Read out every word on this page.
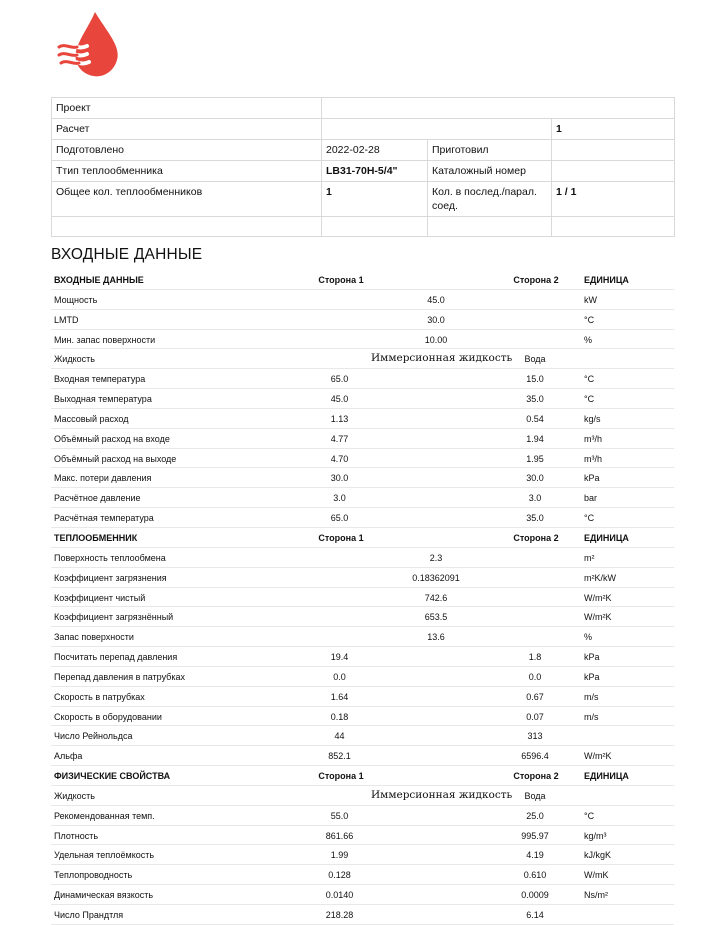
Проект			
Расчет			1
Подготовлено	2022-02-28	Приготовил	
Ттип теплообменника	LB31-70H-5/4"	Каталожный номер	
Общее кол. теплообменников	1	Кол. в послед./парал. соед.	1 / 1

ВХОДНЫЕ ДАННЫЕ
ВХОДНЫЕ ДАННЫЕ	Сторона 1	Сторона 2	ЕДИНИЦА
Мощность	45.0	kW
LMTD	30.0	°C
Мин. запас поверхности	10.00	%
Жидкость	Иммерсионная жидкость	Вода
Входная температура	65.0	15.0	°C
Выходная температура	45.0	35.0	°C
Массовый расход	1.13	0.54	kg/s
Объёмный расход на входе	4.77	1.94	m³/h
Объёмный расход на выходе	4.70	1.95	m³/h
Макс. потери давления	30.0	30.0	kPa
Расчётное давление	3.0	3.0	bar
Расчётная температура	65.0	35.0	°C
ТЕПЛООБМЕННИК	Сторона 1	Сторона 2	ЕДИНИЦА
Поверхность теплообмена	2.3	m²
Коэффициент загрязнения	0.18362091	m²K/kW
Коэффициент чистый	742.6	W/m²K
Коэффициент загрязнённый	653.5	W/m²K
Запас поверхности	13.6	%
Посчитать перепад давления	19.4	1.8	kPa
Перепад давления в патрубках	0.0	0.0	kPa
Скорость в патрубках	1.64	0.67	m/s
Скорость в оборудовании	0.18	0.07	m/s
Число Рейнольдса	44	313
Альфа	852.1	6596.4	W/m²K
ФИЗИЧЕСКИЕ СВОЙСТВА	Сторона 1	Сторона 2	ЕДИНИЦА
Жидкость	Иммерсионная жидкость	Вода
Рекомендованная темп.	55.0	25.0	°C
Плотность	861.66	995.97	kg/m³
Удельная теплоёмкость	1.99	4.19	kJ/kgK
Теплопроводность	0.128	0.610	W/mK
Динамическая вязкость	0.0140	0.0009	Ns/m²
Число Прандтля	218.28	6.14
